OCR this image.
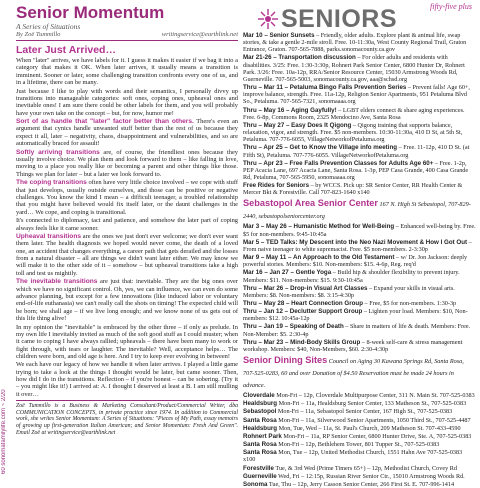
60 sonomafamilylife.com ~ 2/20
Senior Momentum
A Series of Situations
By Zoë Tummillo	writingservice@earthlink.net
Later Just Arrived…

When "later" arrives, we have labels for it. I guess it makes it easier if we bag it into a category that makes it OK. When later arrives, it usually means a transition is imminent. Sooner or later, some challenging transition confronts every one of us, and in a lifetime, there can be many.

Just because I like to play with words and their semantics, I personally divvy up transitions into manageable categories: soft ones, coping ones, upheaval ones and inevitable ones! I am sure there could be other labels for them, and you will probably have your own take on the concept – but, for now, humor me!

Sort of as handle that "later" factor better than others. There's even an argument that cynics handle unwanted stuff better than the rest of us because they expect it all, later – negativity, chaos, disappointment and vulnerabilities, and so are automatically braced for assault!

Softly arriving transitions are, of course, the friendliest ones because they usually involve choice. We plan them and look forward to them – like falling in love, moving to a place you really like or becoming a parent and other things like those. Things we plan for later – but a later we look forward to.

The coping transitions often have very little choice involved – we cope with stuff that just develops, usually outside ourselves, and those can be positive or negative challenges. You know the kind I mean – a difficult teenager, a troubled relationship that you might have believed would fix itself later, or the daunt challenges in the yard… We cope, and coping is transitional.

It's connected to diplomacy, tact and patience, and somehow the later part of coping always feels like it came sooner.

Upheaval transitions are the ones we just don't ever welcome; we don't ever want them later. The health diagnosis we hoped would never come, the death of a loved one, an accident that changes everything, a career path that gets derailed and the losses from a natural disaster – all are things we didn't want later either. We may know we will make it to the other side of it – somehow – but upheaval transitions take a high toll and test us mightily.

The inevitable transitions are just that: inevitable. They are the big ones over which we have no significant control. Oh, yes, we can influence, we can even do some advance planning, but except for a few innovations (like induced labor or voluntary end-of-life euthanasia) we can't really call the shots on timing! The expected child will be born; we shall age – if we live long enough; and we know none of us gets out of this life thing alive!

In my opinion the "inevitable" is embraced by the other three – if only as prelude. In my own life I inevitably invited as much of the soft good stuff as I could muster; when it came to coping I have always rallied; upheavals – there have been many to work or fight through, with tears or laughter. The inevitable? Well, acceptance helps… The children were born, and old age is here. And I try to keep ever evolving in between!

We each have our legacy of how we handle it when later arrives. I played a little game trying to take a look at the things I thought would be later, but came sooner. Then, how did I do in the transitions. Reflection – if you're honest – can be sobering. (Try it – you might like it!) I arrived at: A. I thought I deserved at least a B. I am still mulling it over…

Zoë Tummillo is a Business & Marketing Consultant/Product/Commercial Writer, dba COMMUNICATION CONCEPTS, in private practice since 1974. In addition to Commercial work, she writes Senior Momentum: A Series of Situations: "Pieces of My Path, essay memoirs of growing up first-generation Italian American; and Senior Momentum: Fresh And Green". Email Zoë at writingservice@earthlink.net

fifty-five plus
SENIORS

Mar 10 – Senior Sunsets – Friendly, older adults. Explore plant & animal life, swap stories, & take a gentle 2-mile stroll. Free. 10-11:30a, West County Regional Trail, Graton Entrance, Graton. 707-565-7888, parks.sonomacounty.ca.gov

Mar 21-26 – Transportation discussion – For older adults and residents with disabilities. 3/25: Free. 1:30-3:30p, Rohnert Park Senior Center, 6800 Hunter Dr, Rohnert Park. 3/26: Free. 10a-12p, RRA/Senior Resource Center, 15030 Armstrong Woods Rd, Guerneville. 707-565-5003, sonomacounty.ca.gov, aaa@schsd.org

Thru – Mar 11 – Petaluma Bingo Falls Prevention Series – Prevent falls! Age 60+, improve balance, strength. Free. 11a-12p, Religion Senior Apartments, 951 Petaluma Blvd So., Petaluma. 707-565-7321, sonomaaaa.org

Thru – May 16 – Aging Gayfully! – LGBT elders connect & share aging experiences. Free. 6-8p, Commons Room, 2325 Mendocino Ave, Santa Rosa

Thru – May 27 – Easy Does It Qigong – Qigong training that supports balance, relaxation, vigor, and strength. Free. $5 non-members. 10:30-11:30a, 410 D St, at 5th St, Petaluma. 707-776-6055, VillageNetworkofPetaluma.org

Thru – Apr 25 – Get to Know the Village info meeting – Free. 11-12p, 410 D St. (at Fifth St), Petaluma. 707-776-6055. VillageNetworkofPetaluma.org

Thru – Apr 23 – Free Falls Prevention Classes for Adults Age 60+ – Free. 1-2p, PEP Acacia Lane, 697 Acacia Lane, Santa Rosa. 1-3p, PEP Casa Grande, 400 Casa Grande Rd, Petaluma, 707-565-5950, sonomaaaa.org

Free Rides for Seniors – by WCCS. Pick up: SR Senior Center, RR Health Center & Mercer Bkt & Forestville. Call 707-823-1640 x140

Sebastopol Area Senior Center 167 N. High St Sebastopol, 707-829-2440, sebastopolseniorcenter.org

Mar 3 – May 26 – Humanistic Method for Well-Being – Enhanced well-being by. Free. $5 for non-members. 9:45-10:45a

Mar 5 – TED Talks: My Descent into the Neo Nazi Movement & How I Got Out – From naive teenager to white supremacist. Free. $5 non-members. 2-3:30p

Mar 9 – May 11 – An Approach to the Old Testament – w/ Dr. Jon Jackson: deeply powerful stories. Members: $10. Non-members: $15. 4-6p, Reg. req'd

Mar 16 – Jan 27 – Gentle Yoga – Build hip & shoulder flexibility to prevent injury. Members: $11. Non-members: $15. 9:30-10:45a

Thru – Mar 26 – Drop-in Visual Art Classes – Expand your skills in visual arts. Members: $8. Non-members: $8. 3:15-4:30p

Thru – May 28 – Heart Connection Group – Free, $5 for non-members. 1:30-3p

Thru – Jan 12 – Declutter Support Group – Lighten your load. Members: $10, Non-members: $12. 10:45a-12p

Thru – Jan 19 – Speaking of Death – Share in matters of life & death. Members: Free. Non-Member: $5. 2:30-4p

Thru – Mar 23 – Mind-Body Skills Group – 8-week self-care & stress management workshop. Members: $40, Non-Members, $60. 2:30-4:30p

Senior Dining Sites Council on Aging 30 Kawana Springs Rd, Santa Rosa, 707-525-0283, 60 and over Donation of $4.50 Reservation must be made 24 hours in advance.

Cloverdale Mon-Fri – 12p, Cloverdale Multipurpose Center, 311 N. Main St. 707-525-0383

Healdsburg Mon-Fri – 11a, Healdsburg Senior Center, 133 Matheson St., 707-525-0383

Sebastopol Mon-Fri – 11a, Sebastopol Senior Center, 167 High St., 707-525-0383

Santa Rosa Mon-Fri – 11a, Silverwood Senior Apartments, 1050 Third St., 707-525-4487

Healdsburg Mon, Tue, Wed – 11a, St. Paul's Church, 209 Matheson St. 707-433-4590

Rohnert Park Mon-Fri – 11a, RP Senior Center, 6800 Hunter Drive, Ste. A, 707-525-0383

Santa Rosa Mon-Fri – 12p, Bethlehem Tower, 801 Tupper St., 707-525-0383

Santa Rosa Mon, Tue – 12p, United Methodist Church, 1551 Hahn Ave 707-525-0383 x100

Forestville Tue, & 3rd Wed (Prime Timers 65+) – 12p, Methodist Church, Covey Rd

Guerneville Wed, Fri – 12:15p, Russian River Senior Ctr., 15010 Armstrong Woods Rd.

Sonoma Tue, Thu – 12p, Jerry Casson Senior Center, 266 First St. E. 707-996-1414
